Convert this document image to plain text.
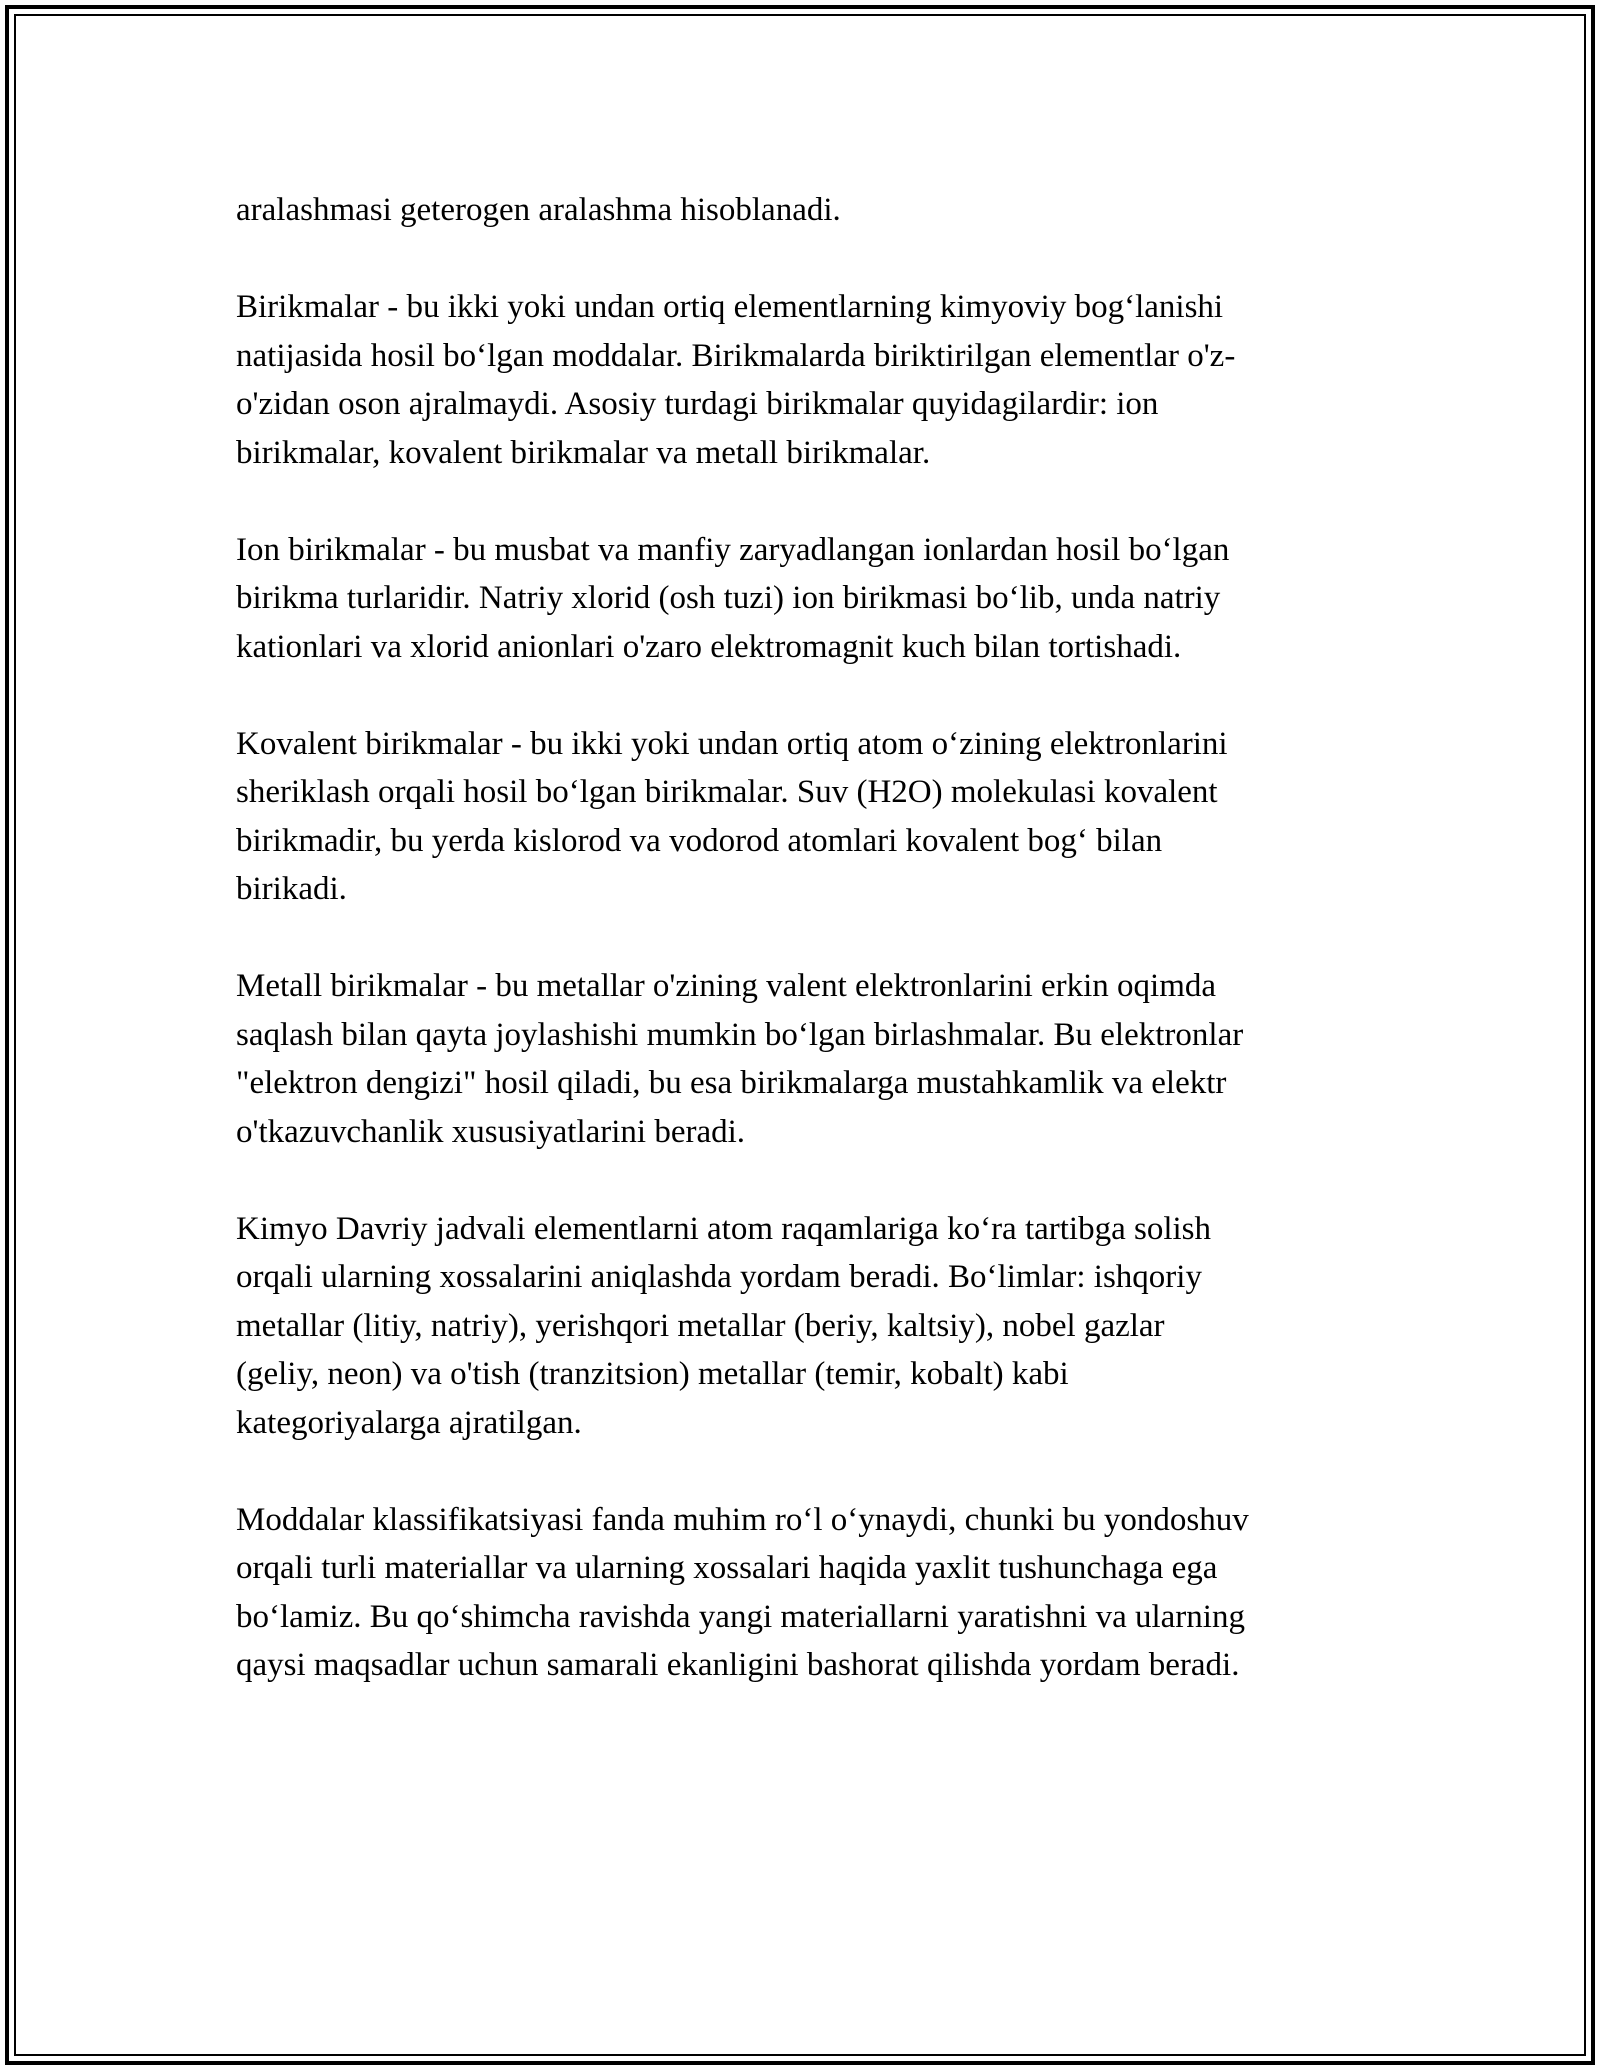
aralashmasi geterogen aralashma hisoblanadi.

Birikmalar - bu ikki yoki undan ortiq elementlarning kimyoviy bogʻlanishi
natijasida hosil boʻlgan moddalar. Birikmalarda biriktirilgan elementlar o'z-
o'zidan oson ajralmaydi. Asosiy turdagi birikmalar quyidagilardir: ion
birikmalar, kovalent birikmalar va metall birikmalar.

Ion birikmalar - bu musbat va manfiy zaryadlangan ionlardan hosil boʻlgan
birikma turlaridir. Natriy xlorid (osh tuzi) ion birikmasi boʻlib, unda natriy
kationlari va xlorid anionlari o'zaro elektromagnit kuch bilan tortishadi.

Kovalent birikmalar - bu ikki yoki undan ortiq atom oʻzining elektronlarini
sheriklash orqali hosil boʻlgan birikmalar. Suv (H2O) molekulasi kovalent
birikmadir, bu yerda kislorod va vodorod atomlari kovalent bogʻ bilan
birikadi.

Metall birikmalar - bu metallar o'zining valent elektronlarini erkin oqimda
saqlash bilan qayta joylashishi mumkin boʻlgan birlashmalar. Bu elektronlar
"elektron dengizi" hosil qiladi, bu esa birikmalarga mustahkamlik va elektr
o'tkazuvchanlik xususiyatlarini beradi.

Kimyo Davriy jadvali elementlarni atom raqamlariga koʻra tartibga solish
orqali ularning xossalarini aniqlashda yordam beradi. Boʻlimlar: ishqoriy
metallar (litiy, natriy), yerishqori metallar (beriy, kaltsiy), nobel gazlar
(geliy, neon) va o'tish (tranzitsion) metallar (temir, kobalt) kabi
kategoriyalarga ajratilgan.

Moddalar klassifikatsiyasi fanda muhim roʻl oʻynaydi, chunki bu yondoshuv
orqali turli materiallar va ularning xossalari haqida yaxlit tushunchaga ega
boʻlamiz. Bu qoʻshimcha ravishda yangi materiallarni yaratishni va ularning
qaysi maqsadlar uchun samarali ekanligini bashorat qilishda yordam beradi.
